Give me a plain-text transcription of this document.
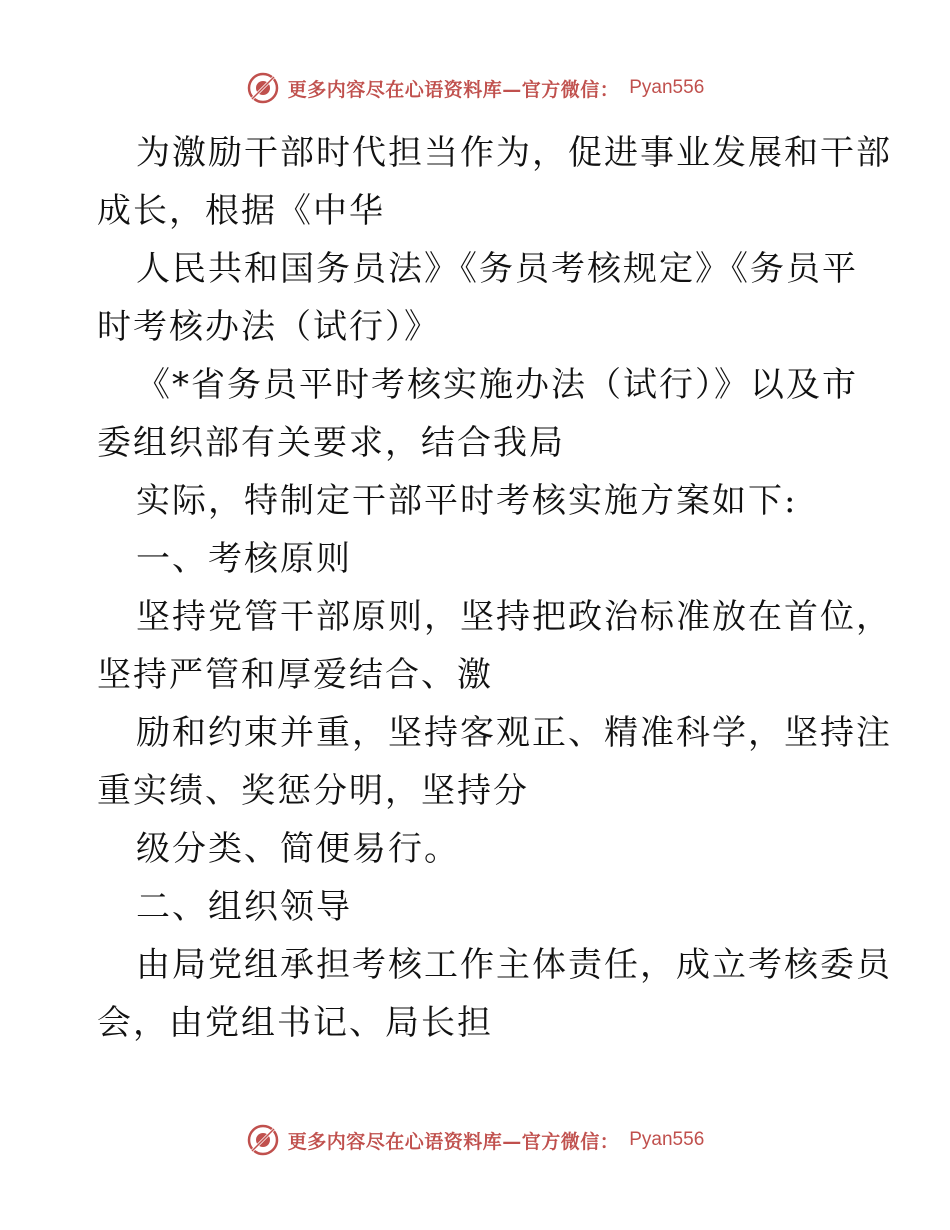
更多内容尽在心语资料库—官方微信： Pyan556
为激励干部时代担当作为，促进事业发展和干部
成长，根据《中华
人民共和国务员法》《务员考核规定》《务员平
时考核办法（试行）》
《*省务员平时考核实施办法（试行）》以及市
委组织部有关要求，结合我局
实际，特制定干部平时考核实施方案如下:
一、考核原则
坚持党管干部原则，坚持把政治标准放在首位，
坚持严管和厚爱结合、激
励和约束并重，坚持客观正、精准科学，坚持注
重实绩、奖惩分明，坚持分
级分类、简便易行。
二、组织领导
由局党组承担考核工作主体责任，成立考核委员
会，由党组书记、局长担
更多内容尽在心语资料库—官方微信： Pyan556
